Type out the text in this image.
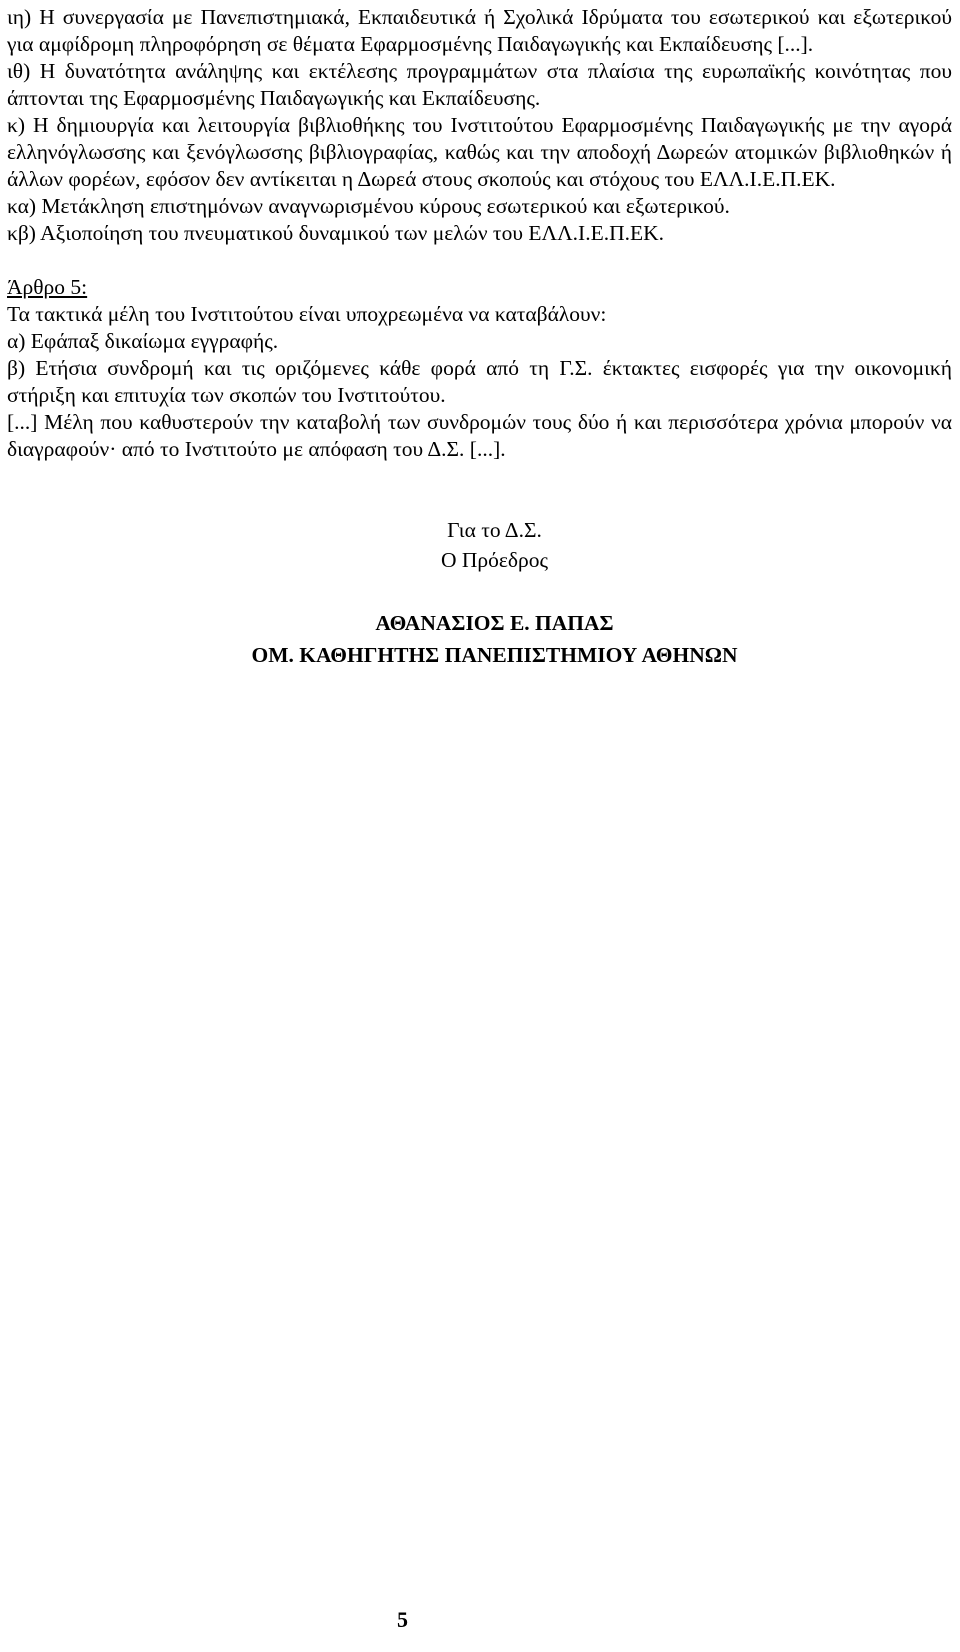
ιη) Η συνεργασία με Πανεπιστημιακά, Εκπαιδευτικά ή Σχολικά Ιδρύματα του εσωτερικού και εξωτερικού για αμφίδρομη πληροφόρηση σε θέματα Εφαρμοσμένης Παιδαγωγικής και Εκπαίδευσης [...].

ιθ) Η δυνατότητα ανάληψης και εκτέλεσης προγραμμάτων στα πλαίσια της ευρωπαϊκής κοινότητας που άπτονται της Εφαρμοσμένης Παιδαγωγικής και Εκπαίδευσης.

κ) Η δημιουργία και λειτουργία βιβλιοθήκης του Ινστιτούτου Εφαρμοσμένης Παιδαγωγικής με την αγορά ελληνόγλωσσης και ξενόγλωσσης βιβλιογραφίας, καθώς και την αποδοχή Δωρεών ατομικών βιβλιοθηκών ή άλλων φορέων, εφόσον δεν αντίκειται η Δωρεά στους σκοπούς και στόχους του ΕΛΛ.Ι.Ε.Π.ΕΚ.

κα) Μετάκληση επιστημόνων αναγνωρισμένου κύρους εσωτερικού και εξωτερικού.

κβ) Αξιοποίηση του πνευματικού δυναμικού των μελών του ΕΛΛ.Ι.Ε.Π.ΕΚ.

Άρθρο 5:

Τα τακτικά μέλη του Ινστιτούτου είναι υποχρεωμένα να καταβάλουν:

α) Εφάπαξ δικαίωμα εγγραφής.

β) Ετήσια συνδρομή και τις οριζόμενες κάθε φορά από τη Γ.Σ. έκτακτες εισφορές για την οικονομική στήριξη και επιτυχία των σκοπών του Ινστιτούτου.

[...] Μέλη που καθυστερούν την καταβολή των συνδρομών τους δύο ή και περισσότερα χρόνια μπορούν να διαγραφούν· από το Ινστιτούτο με απόφαση του Δ.Σ. [...].

Για το Δ.Σ.

Ο Πρόεδρος

ΑΘΑΝΑΣΙΟΣ Ε. ΠΑΠΑΣ

ΟΜ. ΚΑΘΗΓΗΤΗΣ ΠΑΝΕΠΙΣΤΗΜΙΟΥ ΑΘΗΝΩΝ

5
